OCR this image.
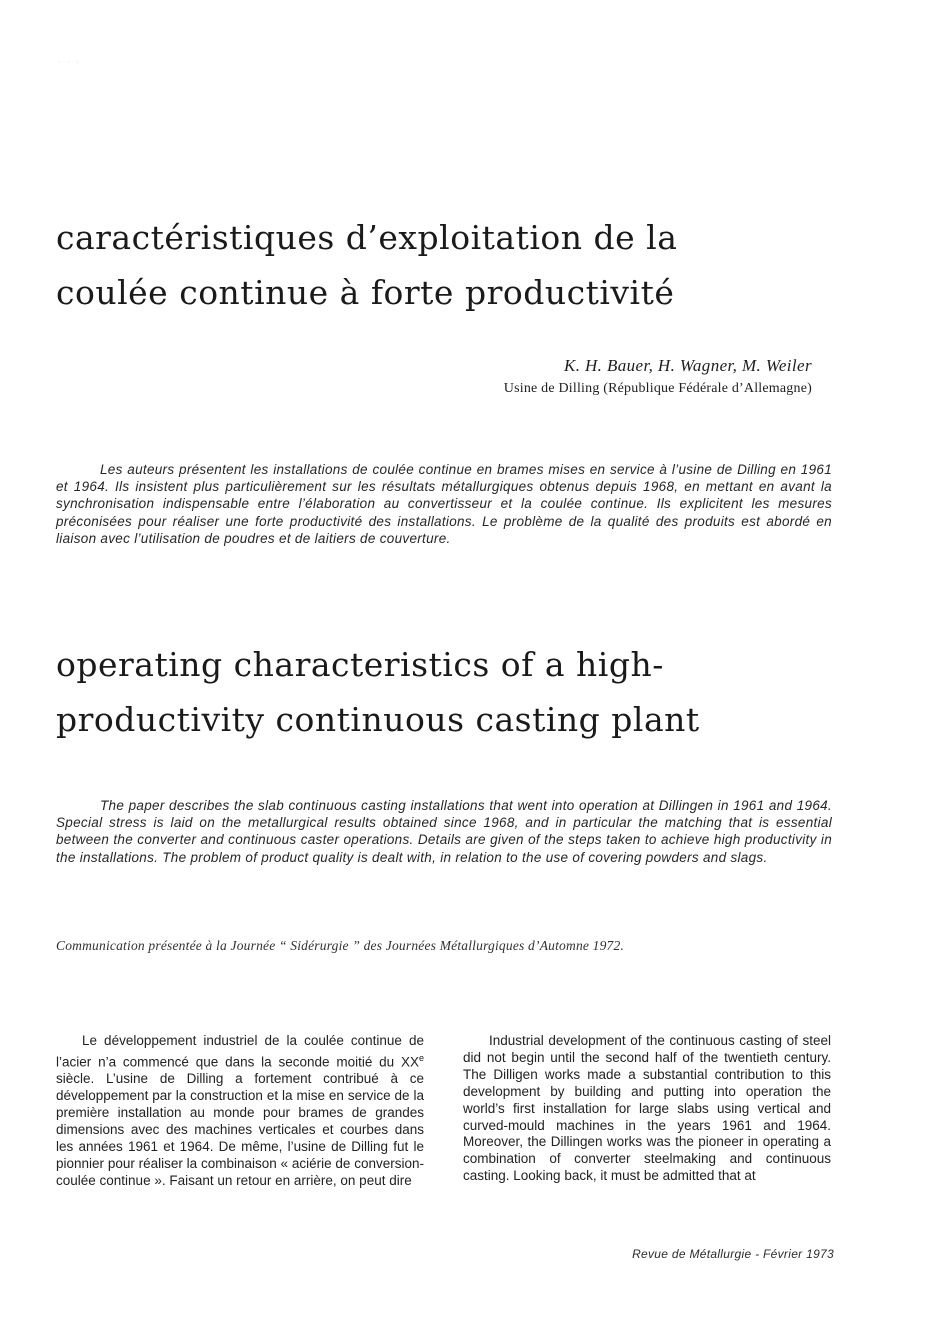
· · ·
caractéristiques d’exploitation de la
coulée continue à forte productivité
K. H. Bauer, H. Wagner, M. Weiler
Usine de Dilling (République Fédérale d’Allemagne)

Les auteurs présentent les installations de coulée continue en brames mises en service à l’usine de Dilling en 1961 et 1964. Ils insistent plus particulièrement sur les résultats métallurgiques obtenus depuis 1968, en mettant en avant la synchronisation indispensable entre l’élaboration au convertisseur et la coulée continue. Ils explicitent les mesures préconisées pour réaliser une forte productivité des installations. Le problème de la qualité des produits est abordé en liaison avec l’utilisation de poudres et de laitiers de couverture.

operating characteristics of a high-
productivity continuous casting plant

The paper describes the slab continuous casting installations that went into operation at Dillingen in 1961 and 1964. Special stress is laid on the metallurgical results obtained since 1968, and in particular the matching that is essential between the converter and continuous caster operations. Details are given of the steps taken to achieve high productivity in the installations. The problem of product quality is dealt with, in relation to the use of covering powders and slags.

Communication présentée à la Journée “ Sidérurgie ” des Journées Métallurgiques d’Automne 1972.

Le développement industriel de la coulée continue de l’acier n’a commencé que dans la seconde moitié du XXe siècle. L’usine de Dilling a fortement contribué à ce développement par la construction et la mise en service de la première installation au monde pour brames de grandes dimensions avec des machines verticales et courbes dans les années 1961 et 1964. De même, l’usine de Dilling fut le pionnier pour réaliser la combinaison « aciérie de conversion-coulée continue ». Faisant un retour en arrière, on peut dire

Industrial development of the continuous casting of steel did not begin until the second half of the twentieth century. The Dilligen works made a substantial contribution to this development by building and putting into operation the world’s first installation for large slabs using vertical and curved-mould machines in the years 1961 and 1964. Moreover, the Dillingen works was the pioneer in operating a combination of converter steelmaking and continuous casting. Looking back, it must be admitted that at

Revue de Métallurgie - Février 1973
